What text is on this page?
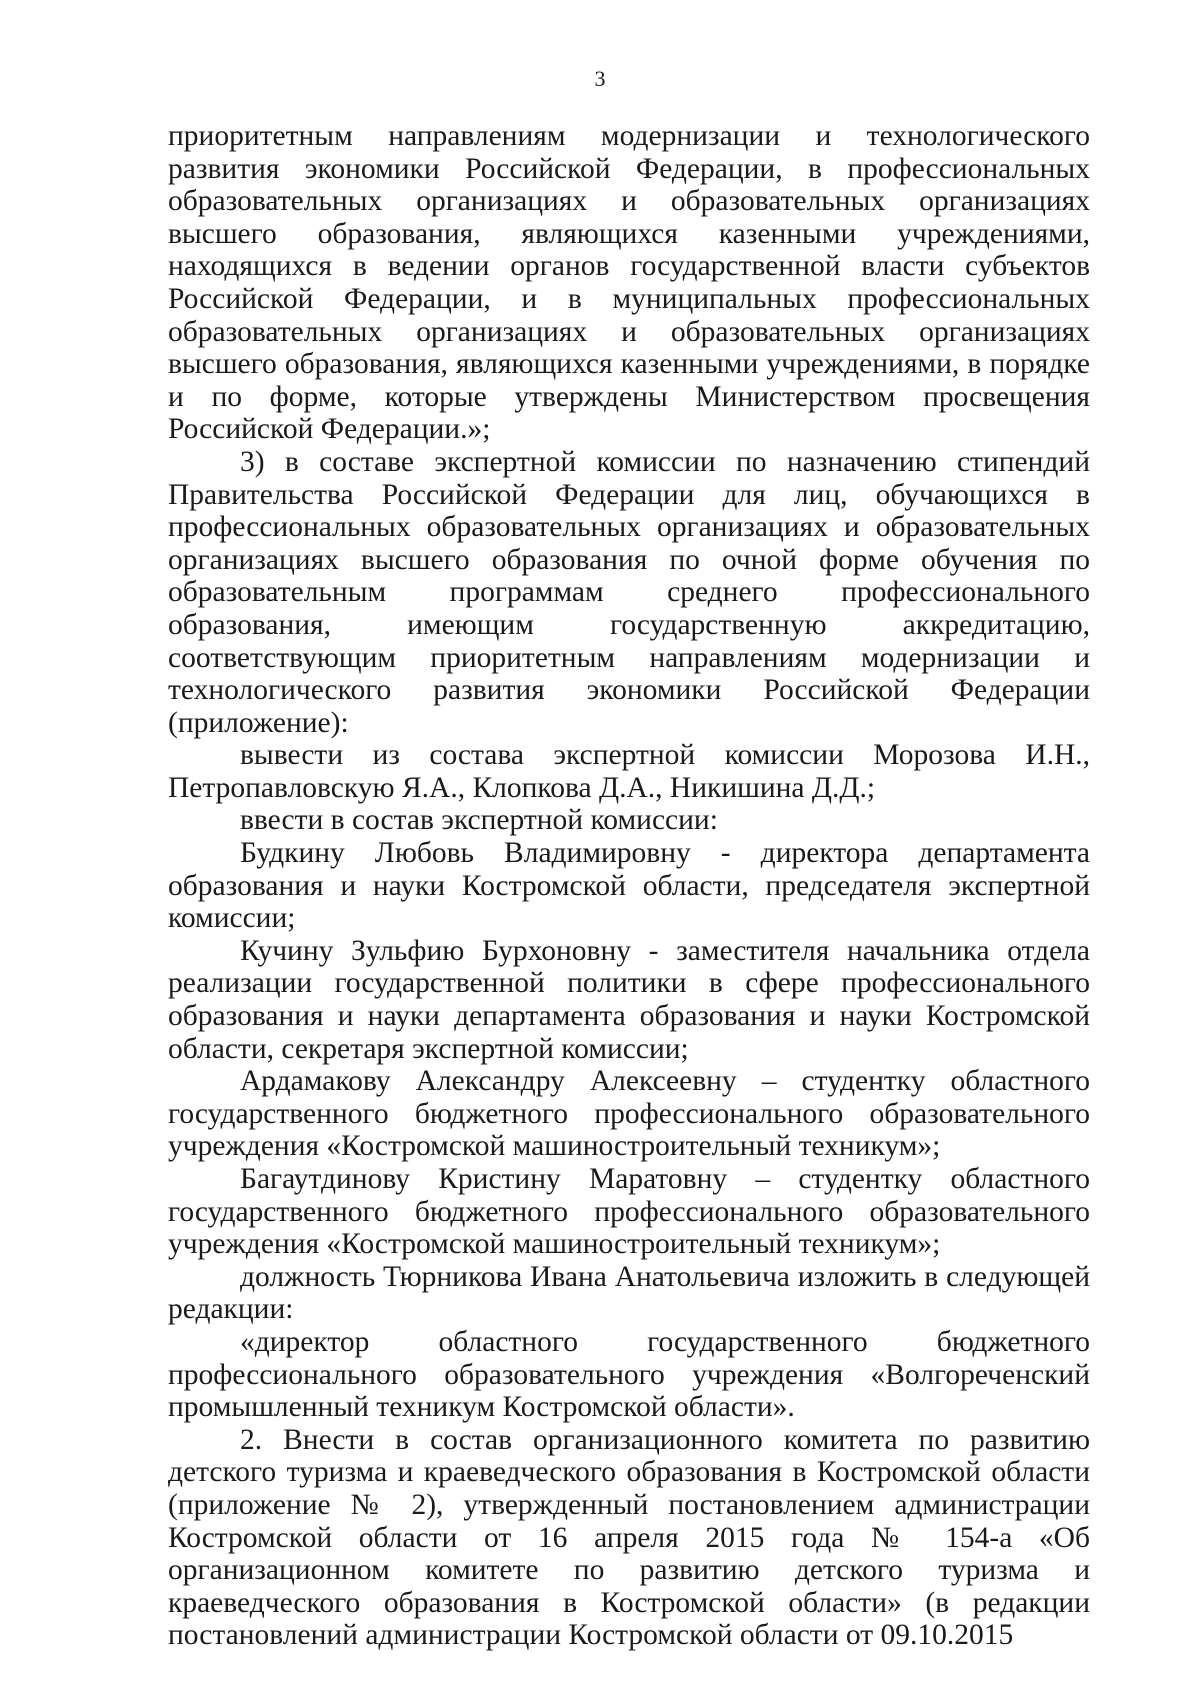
3

приоритетным направлениям модернизации и технологического развития экономики Российской Федерации, в профессиональных образовательных организациях и образовательных организациях высшего образования, являющихся казенными учреждениями, находящихся в ведении органов государственной власти субъектов Российской Федерации, и в муниципальных профессиональных образовательных организациях и образовательных организациях высшего образования, являющихся казенными учреждениями, в порядке и по форме, которые утверждены Министерством просвещения Российской Федерации.»;

3) в составе экспертной комиссии по назначению стипендий Правительства Российской Федерации для лиц, обучающихся в профессиональных образовательных организациях и образовательных организациях высшего образования по очной форме обучения по образовательным программам среднего профессионального образования, имеющим государственную аккредитацию, соответствующим приоритетным направлениям модернизации и технологического развития экономики Российской Федерации (приложение):

вывести из состава экспертной комиссии Морозова И.Н., Петропавловскую Я.А., Клопкова Д.А., Никишина Д.Д.;

ввести в состав экспертной комиссии:

Будкину Любовь Владимировну - директора департамента образования и науки Костромской области, председателя экспертной комиссии;

Кучину Зульфию Бурхоновну - заместителя начальника отдела реализации государственной политики в сфере профессионального образования и науки департамента образования и науки Костромской области, секретаря экспертной комиссии;

Ардамакову Александру Алексеевну – студентку областного государственного бюджетного профессионального образовательного учреждения «Костромской машиностроительный техникум»;

Багаутдинову Кристину Маратовну – студентку областного государственного бюджетного профессионального образовательного учреждения «Костромской машиностроительный техникум»;

должность Тюрникова Ивана Анатольевича изложить в следующей редакции:

«директор областного государственного бюджетного профессионального образовательного учреждения «Волгореченский промышленный техникум Костромской области».

2. Внести в состав организационного комитета по развитию детского туризма и краеведческого образования в Костромской области (приложение № 2), утвержденный постановлением администрации Костромской области от 16 апреля 2015 года № 154-а «Об организационном комитете по развитию детского туризма и краеведческого образования в Костромской области» (в редакции постановлений администрации Костромской области от 09.10.2015
